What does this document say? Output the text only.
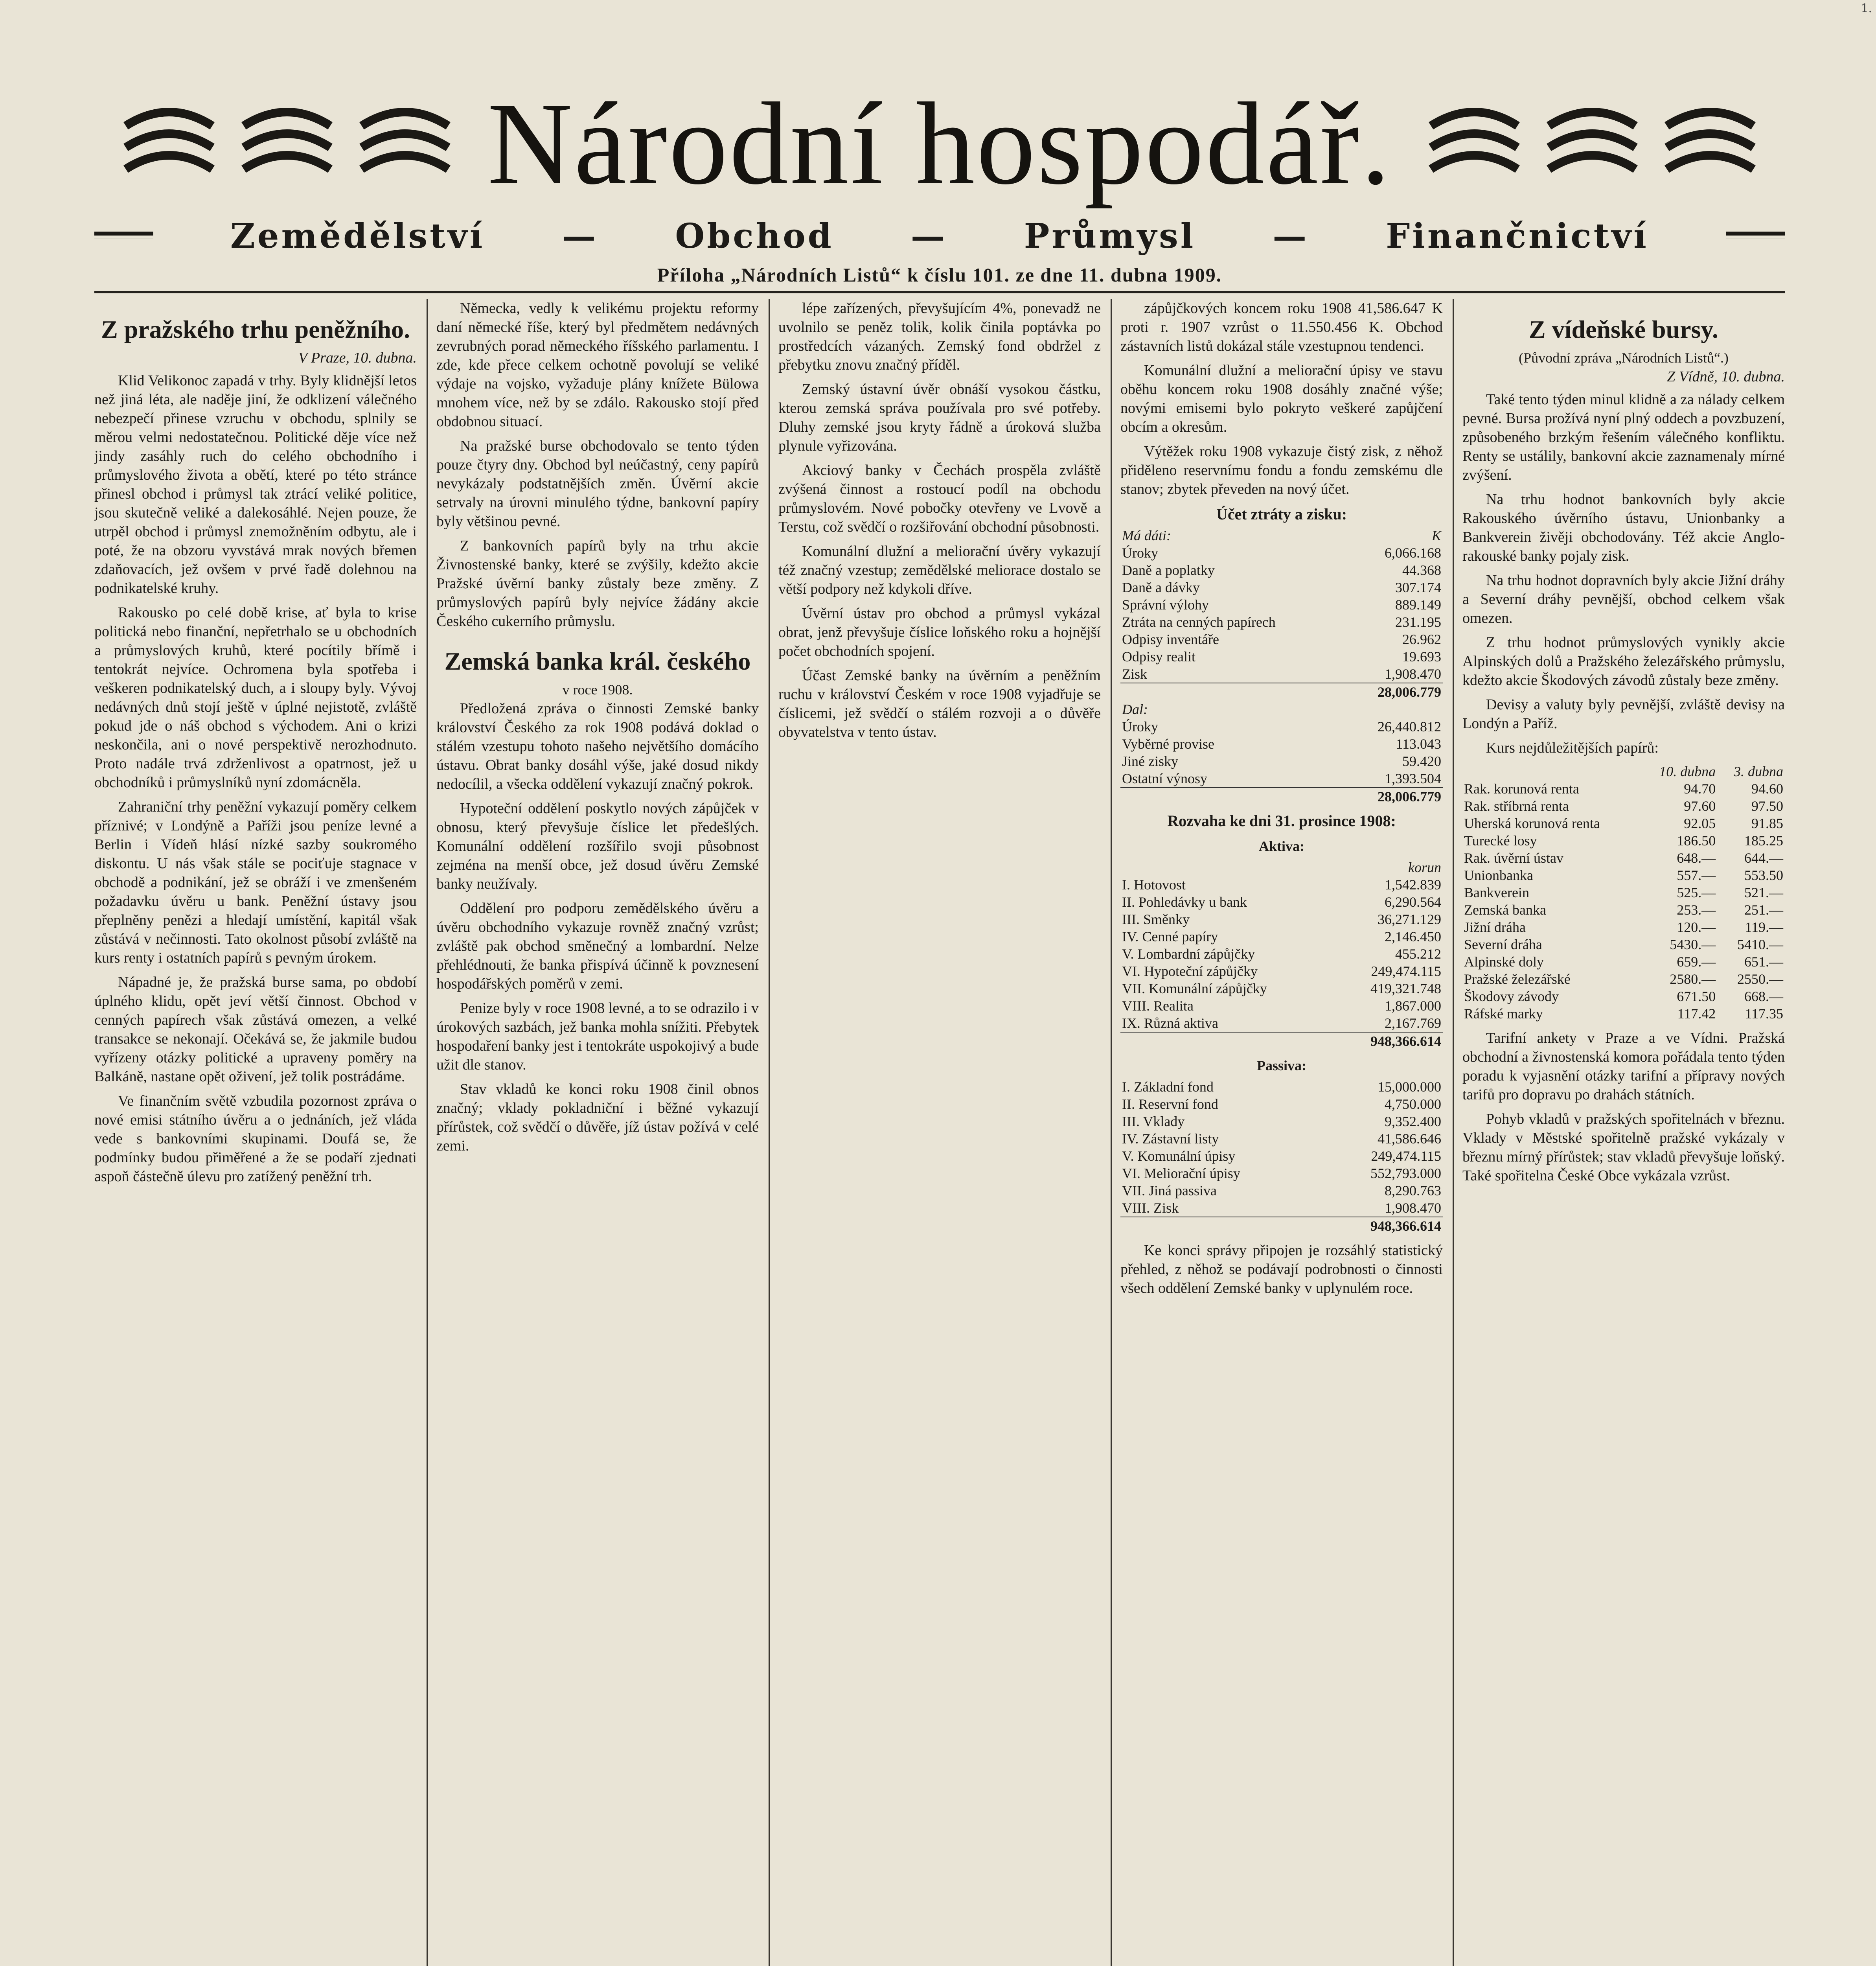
1.
Národní hospodář.
Zemědělství — Obchod — Průmysl — Finančnictví
Příloha „Národních Listů“ k číslu 101. ze dne 11. dubna 1909.
Z pražského trhu peněžního.
V Praze, 10. dubna.

Klid Velikonoc zapadá v trhy. Byly klidnější letos než jiná léta, ale naděje jiní, že odklizení válečného nebezpečí přinese vzruchu v obchodu, splnily se měrou velmi nedostatečnou. Politické děje více než jindy zasáhly ruch do celého obchodního i průmyslového života a obětí, které po této stránce přinesl obchod i průmysl tak ztrácí veliké politice, jsou skutečně veliké a dalekosáhlé. Nejen pouze, že utrpěl obchod i průmysl znemožněním odbytu, ale i poté, že na obzoru vyvstává mrak nových břemen zdaňovacích, jež ovšem v prvé řadě dolehnou na podnikatelské kruhy.

Rakousko po celé době krise, ať byla to krise politická nebo finanční, nepřetrhalo se u obchodních a průmyslových kruhů, které pocítily břímě i tentokrát nejvíce. Ochromena byla spotřeba i veškeren podnikatelský duch, a i sloupy byly. Vývoj nedávných dnů stojí ještě v úplné nejistotě, zvláště pokud jde o náš obchod s východem. Ani o krizi neskončila, ani o nové perspektivě nerozhodnuto. Proto nadále trvá zdrženlivost a opatrnost, jež u obchodníků i průmyslníků nyní zdomácněla.

Zahraniční trhy peněžní vykazují poměry celkem příznivé; v Londýně a Paříži jsou peníze levné a Berlin i Vídeň hlásí nízké sazby soukromého diskontu. U nás však stále se pociťuje stagnace v obchodě a podnikání, jež se obráží i ve zmenšeném požadavku úvěru u bank. Peněžní ústavy jsou přeplněny penězi a hledají umístění, kapitál však zůstává v nečinnosti. Tato okolnost působí zvláště na kurs renty i ostatních papírů s pevným úrokem.

Nápadné je, že pražská burse sama, po období úplného klidu, opět jeví větší činnost. Obchod v cenných papírech však zůstává omezen, a velké transakce se nekonají. Očekává se, že jakmile budou vyřízeny otázky politické a upraveny poměry na Balkáně, nastane opět oživení, jež tolik postrádáme.

Ve finančním světě vzbudila pozornost zpráva o nové emisi státního úvěru a o jednáních, jež vláda vede s bankovními skupinami. Doufá se, že podmínky budou přiměřené a že se podaří zjednati aspoň částečně úlevu pro zatížený peněžní trh.

Německa, vedly k velikému projektu reformy daní německé říše, který byl předmětem nedávných zevrubných porad německého říšského parlamentu. I zde, kde přece celkem ochotně povolují se veliké výdaje na vojsko, vyžaduje plány knížete Bülowa mnohem více, než by se zdálo. Rakousko stojí před obdobnou situací.

Na pražské burse obchodovalo se tento týden pouze čtyry dny. Obchod byl neúčastný, ceny papírů nevykázaly podstatnějších změn. Úvěrní akcie setrvaly na úrovni minulého týdne, bankovní papíry byly většinou pevné.

Z bankovních papírů byly na trhu akcie Živnostenské banky, které se zvýšily, kdežto akcie Pražské úvěrní banky zůstaly beze změny. Z průmyslových papírů byly nejvíce žádány akcie Českého cukerního průmyslu.

Zemská banka král. českého
v roce 1908.

Předložená zpráva o činnosti Zemské banky království Českého za rok 1908 podává doklad o stálém vzestupu tohoto našeho největšího domácího ústavu. Obrat banky dosáhl výše, jaké dosud nikdy nedocílil, a všecka oddělení vykazují značný pokrok.

Hypoteční oddělení poskytlo nových zápůjček v obnosu, který převyšuje číslice let předešlých. Komunální oddělení rozšířilo svoji působnost zejména na menší obce, jež dosud úvěru Zemské banky neužívaly.

Oddělení pro podporu zemědělského úvěru a úvěru obchodního vykazuje rovněž značný vzrůst; zvláště pak obchod směnečný a lombardní. Nelze přehlédnouti, že banka přispívá účinně k povznesení hospodářských poměrů v zemi.

Penize byly v roce 1908 levné, a to se odrazilo i v úrokových sazbách, jež banka mohla snížiti. Přebytek hospodaření banky jest i tentokráte uspokojivý a bude užit dle stanov.

Stav vkladů ke konci roku 1908 činil obnos značný; vklady pokladniční i běžné vykazují přírůstek, což svědčí o důvěře, jíž ústav požívá v celé zemi.

lépe zařízených, převyšujícím 4%, ponevadž ne uvolnilo se peněz tolik, kolik činila poptávka po prostředcích vázaných. Zemský fond obdržel z přebytku znovu značný příděl.

Zemský ústavní úvěr obnáší vysokou částku, kterou zemská správa používala pro své potřeby. Dluhy zemské jsou kryty řádně a úroková služba plynule vyřizována.

Akciový banky v Čechách prospěla zvláště zvýšená činnost a rostoucí podíl na obchodu průmyslovém. Nové pobočky otevřeny ve Lvově a Terstu, což svědčí o rozšiřování obchodní působnosti.

Komunální dlužní a meliorační úvěry vykazují též značný vzestup; zemědělské meliorace dostalo se větší podpory než kdykoli dříve.

Úvěrní ústav pro obchod a průmysl vykázal obrat, jenž převyšuje číslice loňského roku a hojnější počet obchodních spojení.

Účast Zemské banky na úvěrním a peněžním ruchu v království Českém v roce 1908 vyjadřuje se číslicemi, jež svědčí o stálém rozvoji a o důvěře obyvatelstva v tento ústav.

zápůjčkových koncem roku 1908 41,586.647 K proti r. 1907 vzrůst o 11.550.456 K. Obchod zástavních listů dokázal stále vzestupnou tendenci.

Komunální dlužní a meliorační úpisy ve stavu oběhu koncem roku 1908 dosáhly značné výše; novými emisemi bylo pokryto veškeré zapůjčení obcím a okresům.

Výtěžek roku 1908 vykazuje čistý zisk, z něhož přiděleno reservnímu fondu a fondu zemskému dle stanov; zbytek převeden na nový účet.

Účet ztráty a zisku:
Má dáti:	K
Úroky	6,066.168
Daně a poplatky	44.368
Daně a dávky	307.174
Správní výlohy	889.149
Ztráta na cenných papírech	231.195
Odpisy inventáře	26.962
Odpisy realit	19.693
Zisk	1,908.470
	28,006.779
Dal:	
Úroky	26,440.812
Vyběrné provise	113.043
Jiné zisky	59.420
Ostatní výnosy	1,393.504
	28,006.779
Rozvaha ke dni 31. prosince 1908:
Aktiva:
	korun
I. Hotovost	1,542.839
II. Pohledávky u bank	6,290.564
III. Směnky	36,271.129
IV. Cenné papíry	2,146.450
V. Lombardní zápůjčky	455.212
VI. Hypoteční zápůjčky	249,474.115
VII. Komunální zápůjčky	419,321.748
VIII. Realita	1,867.000
IX. Různá aktiva	2,167.769
	948,366.614
Passiva:
I. Základní fond	15,000.000
II. Reservní fond	4,750.000
III. Vklady	9,352.400
IV. Zástavní listy	41,586.646
V. Komunální úpisy	249,474.115
VI. Meliorační úpisy	552,793.000
VII. Jiná passiva	8,290.763
VIII. Zisk	1,908.470
	948,366.614

Ke konci správy připojen je rozsáhlý statistický přehled, z něhož se podávají podrobnosti o činnosti všech oddělení Zemské banky v uplynulém roce.

Z vídeňské bursy.
(Původní zpráva „Národních Listů“.)
Z Vídně, 10. dubna.

Také tento týden minul klidně a za nálady celkem pevné. Bursa prožívá nyní plný oddech a povzbuzení, způsobeného brzkým řešením válečného konfliktu. Renty se ustálily, bankovní akcie zaznamenaly mírné zvýšení.

Na trhu hodnot bankovních byly akcie Rakouského úvěrního ústavu, Unionbanky a Bankverein živěji obchodovány. Též akcie Anglo-rakouské banky pojaly zisk.

Na trhu hodnot dopravních byly akcie Jižní dráhy a Severní dráhy pevnější, obchod celkem však omezen.

Z trhu hodnot průmyslových vynikly akcie Alpinských dolů a Pražského železářského průmyslu, kdežto akcie Škodových závodů zůstaly beze změny.

Devisy a valuty byly pevnější, zvláště devisy na Londýn a Paříž.

Kurs nejdůležitějších papírů:

	10. dubna	3. dubna
Rak. korunová renta	94.70	94.60
Rak. stříbrná renta	97.60	97.50
Uherská korunová renta	92.05	91.85
Turecké losy	186.50	185.25
Rak. úvěrní ústav	648.—	644.—
Unionbanka	557.—	553.50
Bankverein	525.—	521.—
Zemská banka	253.—	251.—
Jižní dráha	120.—	119.—
Severní dráha	5430.—	5410.—
Alpinské doly	659.—	651.—
Pražské železářské	2580.—	2550.—
Škodovy závody	671.50	668.—
Ráfské marky	117.42	117.35

Tarifní ankety v Praze a ve Vídni. Pražská obchodní a živnostenská komora pořádala tento týden poradu k vyjasnění otázky tarifní a přípravy nových tarifů pro dopravu po drahách státních.

Pohyb vkladů v pražských spořitelnách v březnu. Vklady v Městské spořitelně pražské vykázaly v březnu mírný přírůstek; stav vkladů převyšuje loňský. Také spořitelna České Obce vykázala vzrůst.
